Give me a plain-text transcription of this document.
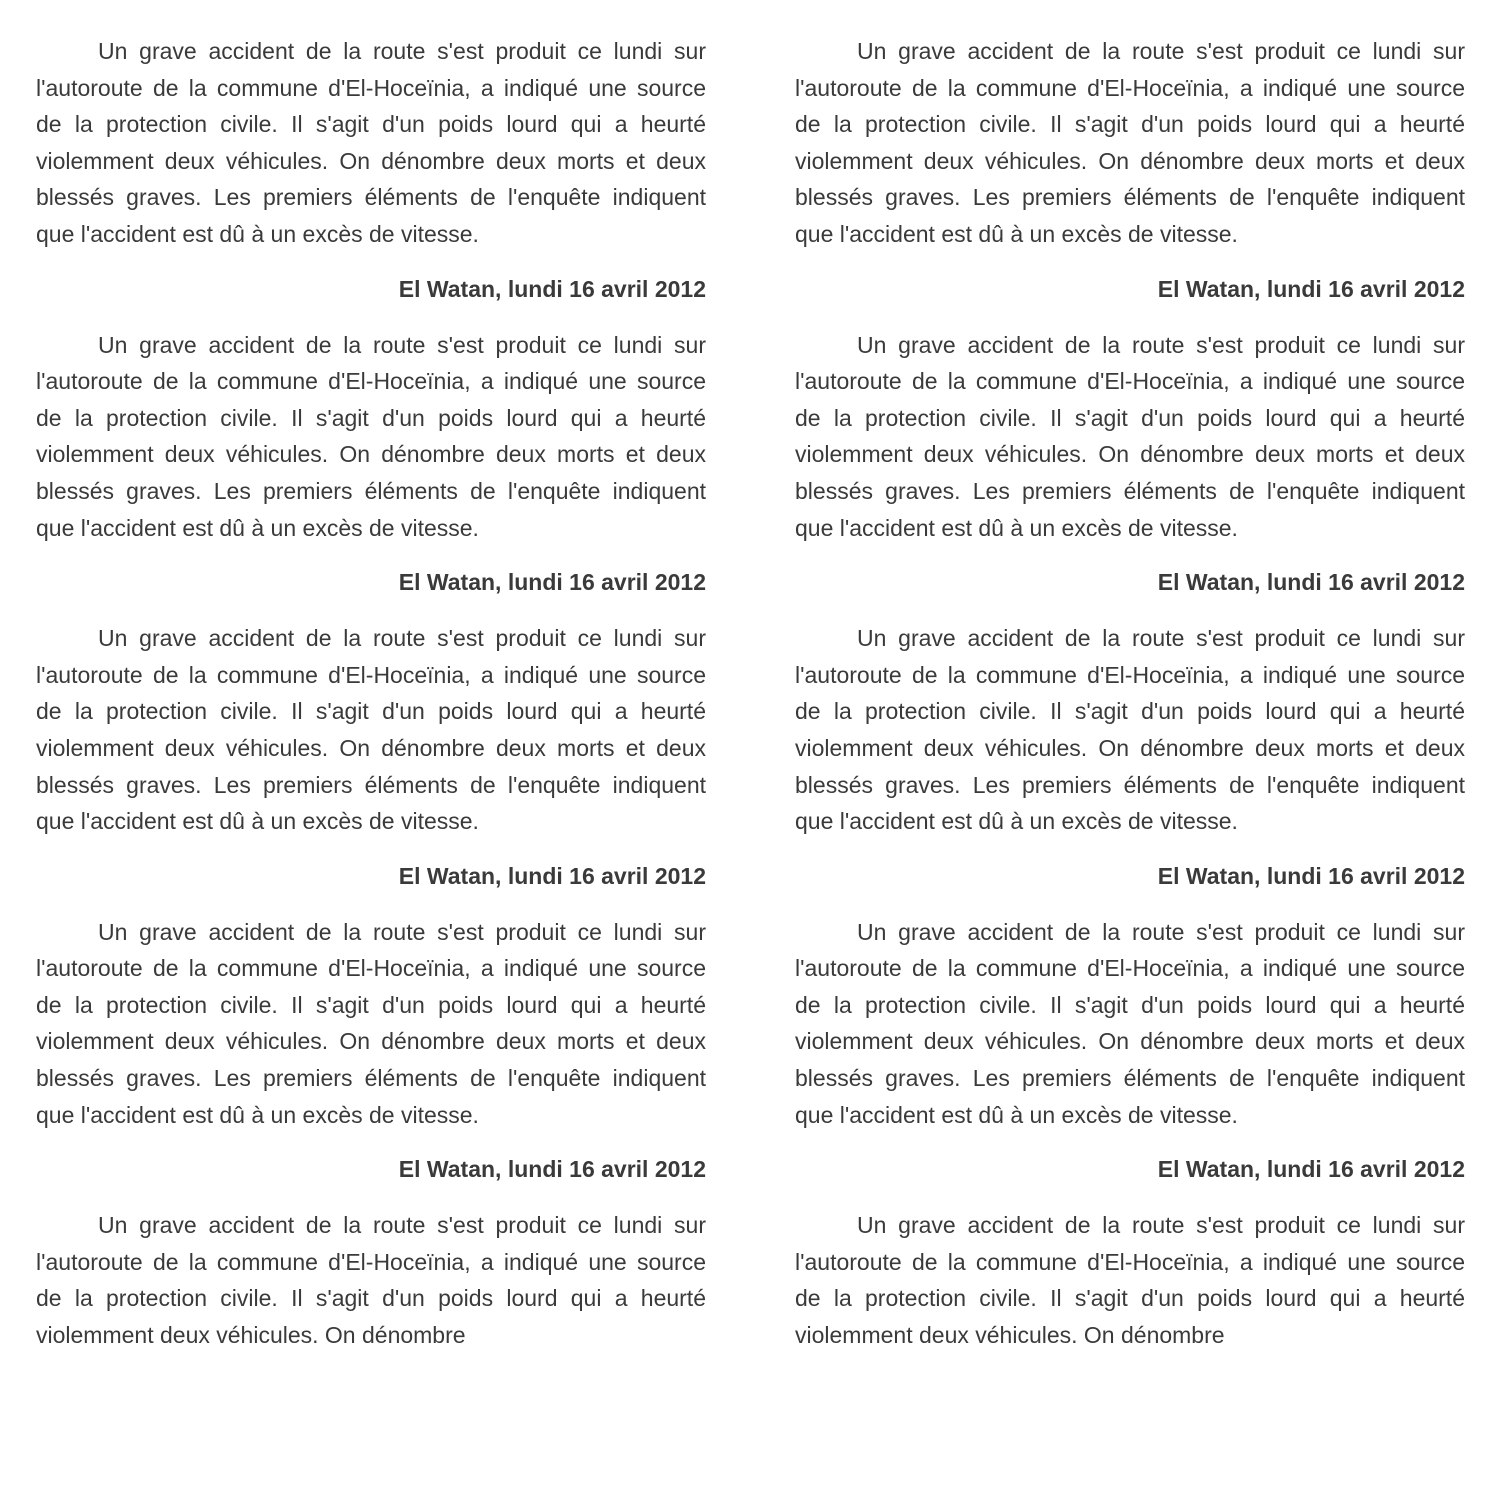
Un grave accident de la route s'est produit ce lundi sur l'autoroute de la commune d'El-Hoceïnia, a indiqué une source de la protection civile. Il s'agit d'un poids lourd qui a heurté violemment deux véhicules. On dénombre deux morts et deux blessés graves. Les premiers éléments de l'enquête indiquent que l'accident est dû à un excès de vitesse.

El Watan, lundi 16 avril 2012

Un grave accident de la route s'est produit ce lundi sur l'autoroute de la commune d'El-Hoceïnia, a indiqué une source de la protection civile. Il s'agit d'un poids lourd qui a heurté violemment deux véhicules. On dénombre deux morts et deux blessés graves. Les premiers éléments de l'enquête indiquent que l'accident est dû à un excès de vitesse.

El Watan, lundi 16 avril 2012

Un grave accident de la route s'est produit ce lundi sur l'autoroute de la commune d'El-Hoceïnia, a indiqué une source de la protection civile. Il s'agit d'un poids lourd qui a heurté violemment deux véhicules. On dénombre deux morts et deux blessés graves. Les premiers éléments de l'enquête indiquent que l'accident est dû à un excès de vitesse.

El Watan, lundi 16 avril 2012

Un grave accident de la route s'est produit ce lundi sur l'autoroute de la commune d'El-Hoceïnia, a indiqué une source de la protection civile. Il s'agit d'un poids lourd qui a heurté violemment deux véhicules. On dénombre deux morts et deux blessés graves. Les premiers éléments de l'enquête indiquent que l'accident est dû à un excès de vitesse.

El Watan, lundi 16 avril 2012

Un grave accident de la route s'est produit ce lundi sur l'autoroute de la commune d'El-Hoceïnia, a indiqué une source de la protection civile. Il s'agit d'un poids lourd qui a heurté violemment deux véhicules. On dénombre

Un grave accident de la route s'est produit ce lundi sur l'autoroute de la commune d'El-Hoceïnia, a indiqué une source de la protection civile. Il s'agit d'un poids lourd qui a heurté violemment deux véhicules. On dénombre deux morts et deux blessés graves. Les premiers éléments de l'enquête indiquent que l'accident est dû à un excès de vitesse.

El Watan, lundi 16 avril 2012

Un grave accident de la route s'est produit ce lundi sur l'autoroute de la commune d'El-Hoceïnia, a indiqué une source de la protection civile. Il s'agit d'un poids lourd qui a heurté violemment deux véhicules. On dénombre deux morts et deux blessés graves. Les premiers éléments de l'enquête indiquent que l'accident est dû à un excès de vitesse.

El Watan, lundi 16 avril 2012

Un grave accident de la route s'est produit ce lundi sur l'autoroute de la commune d'El-Hoceïnia, a indiqué une source de la protection civile. Il s'agit d'un poids lourd qui a heurté violemment deux véhicules. On dénombre deux morts et deux blessés graves. Les premiers éléments de l'enquête indiquent que l'accident est dû à un excès de vitesse.

El Watan, lundi 16 avril 2012

Un grave accident de la route s'est produit ce lundi sur l'autoroute de la commune d'El-Hoceïnia, a indiqué une source de la protection civile. Il s'agit d'un poids lourd qui a heurté violemment deux véhicules. On dénombre deux morts et deux blessés graves. Les premiers éléments de l'enquête indiquent que l'accident est dû à un excès de vitesse.

El Watan, lundi 16 avril 2012

Un grave accident de la route s'est produit ce lundi sur l'autoroute de la commune d'El-Hoceïnia, a indiqué une source de la protection civile. Il s'agit d'un poids lourd qui a heurté violemment deux véhicules. On dénombre
